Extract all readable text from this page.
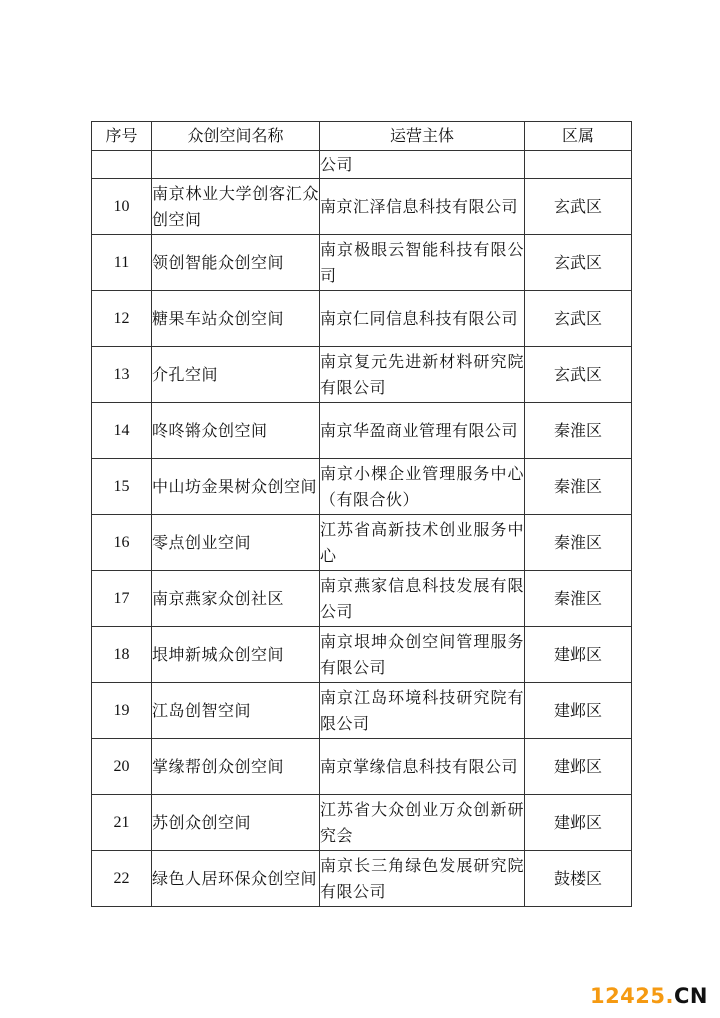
序号	众创空间名称	运营主体	区属
		公司	
10	南京林业大学创客汇众创空间	南京汇泽信息科技有限公司	玄武区
11	领创智能众创空间	南京极眼云智能科技有限公司	玄武区
12	糖果车站众创空间	南京仁同信息科技有限公司	玄武区
13	介孔空间	南京复元先进新材料研究院有限公司	玄武区
14	咚咚锵众创空间	南京华盈商业管理有限公司	秦淮区
15	中山坊金果树众创空间	南京小棵企业管理服务中心（有限合伙）	秦淮区
16	零点创业空间	江苏省高新技术创业服务中心	秦淮区
17	南京燕家众创社区	南京燕家信息科技发展有限公司	秦淮区
18	垠坤新城众创空间	南京垠坤众创空间管理服务有限公司	建邺区
19	江岛创智空间	南京江岛环境科技研究院有限公司	建邺区
20	掌缘帮创众创空间	南京掌缘信息科技有限公司	建邺区
21	苏创众创空间	江苏省大众创业万众创新研究会	建邺区
22	绿色人居环保众创空间	南京长三角绿色发展研究院有限公司	鼓楼区
12425.CN
